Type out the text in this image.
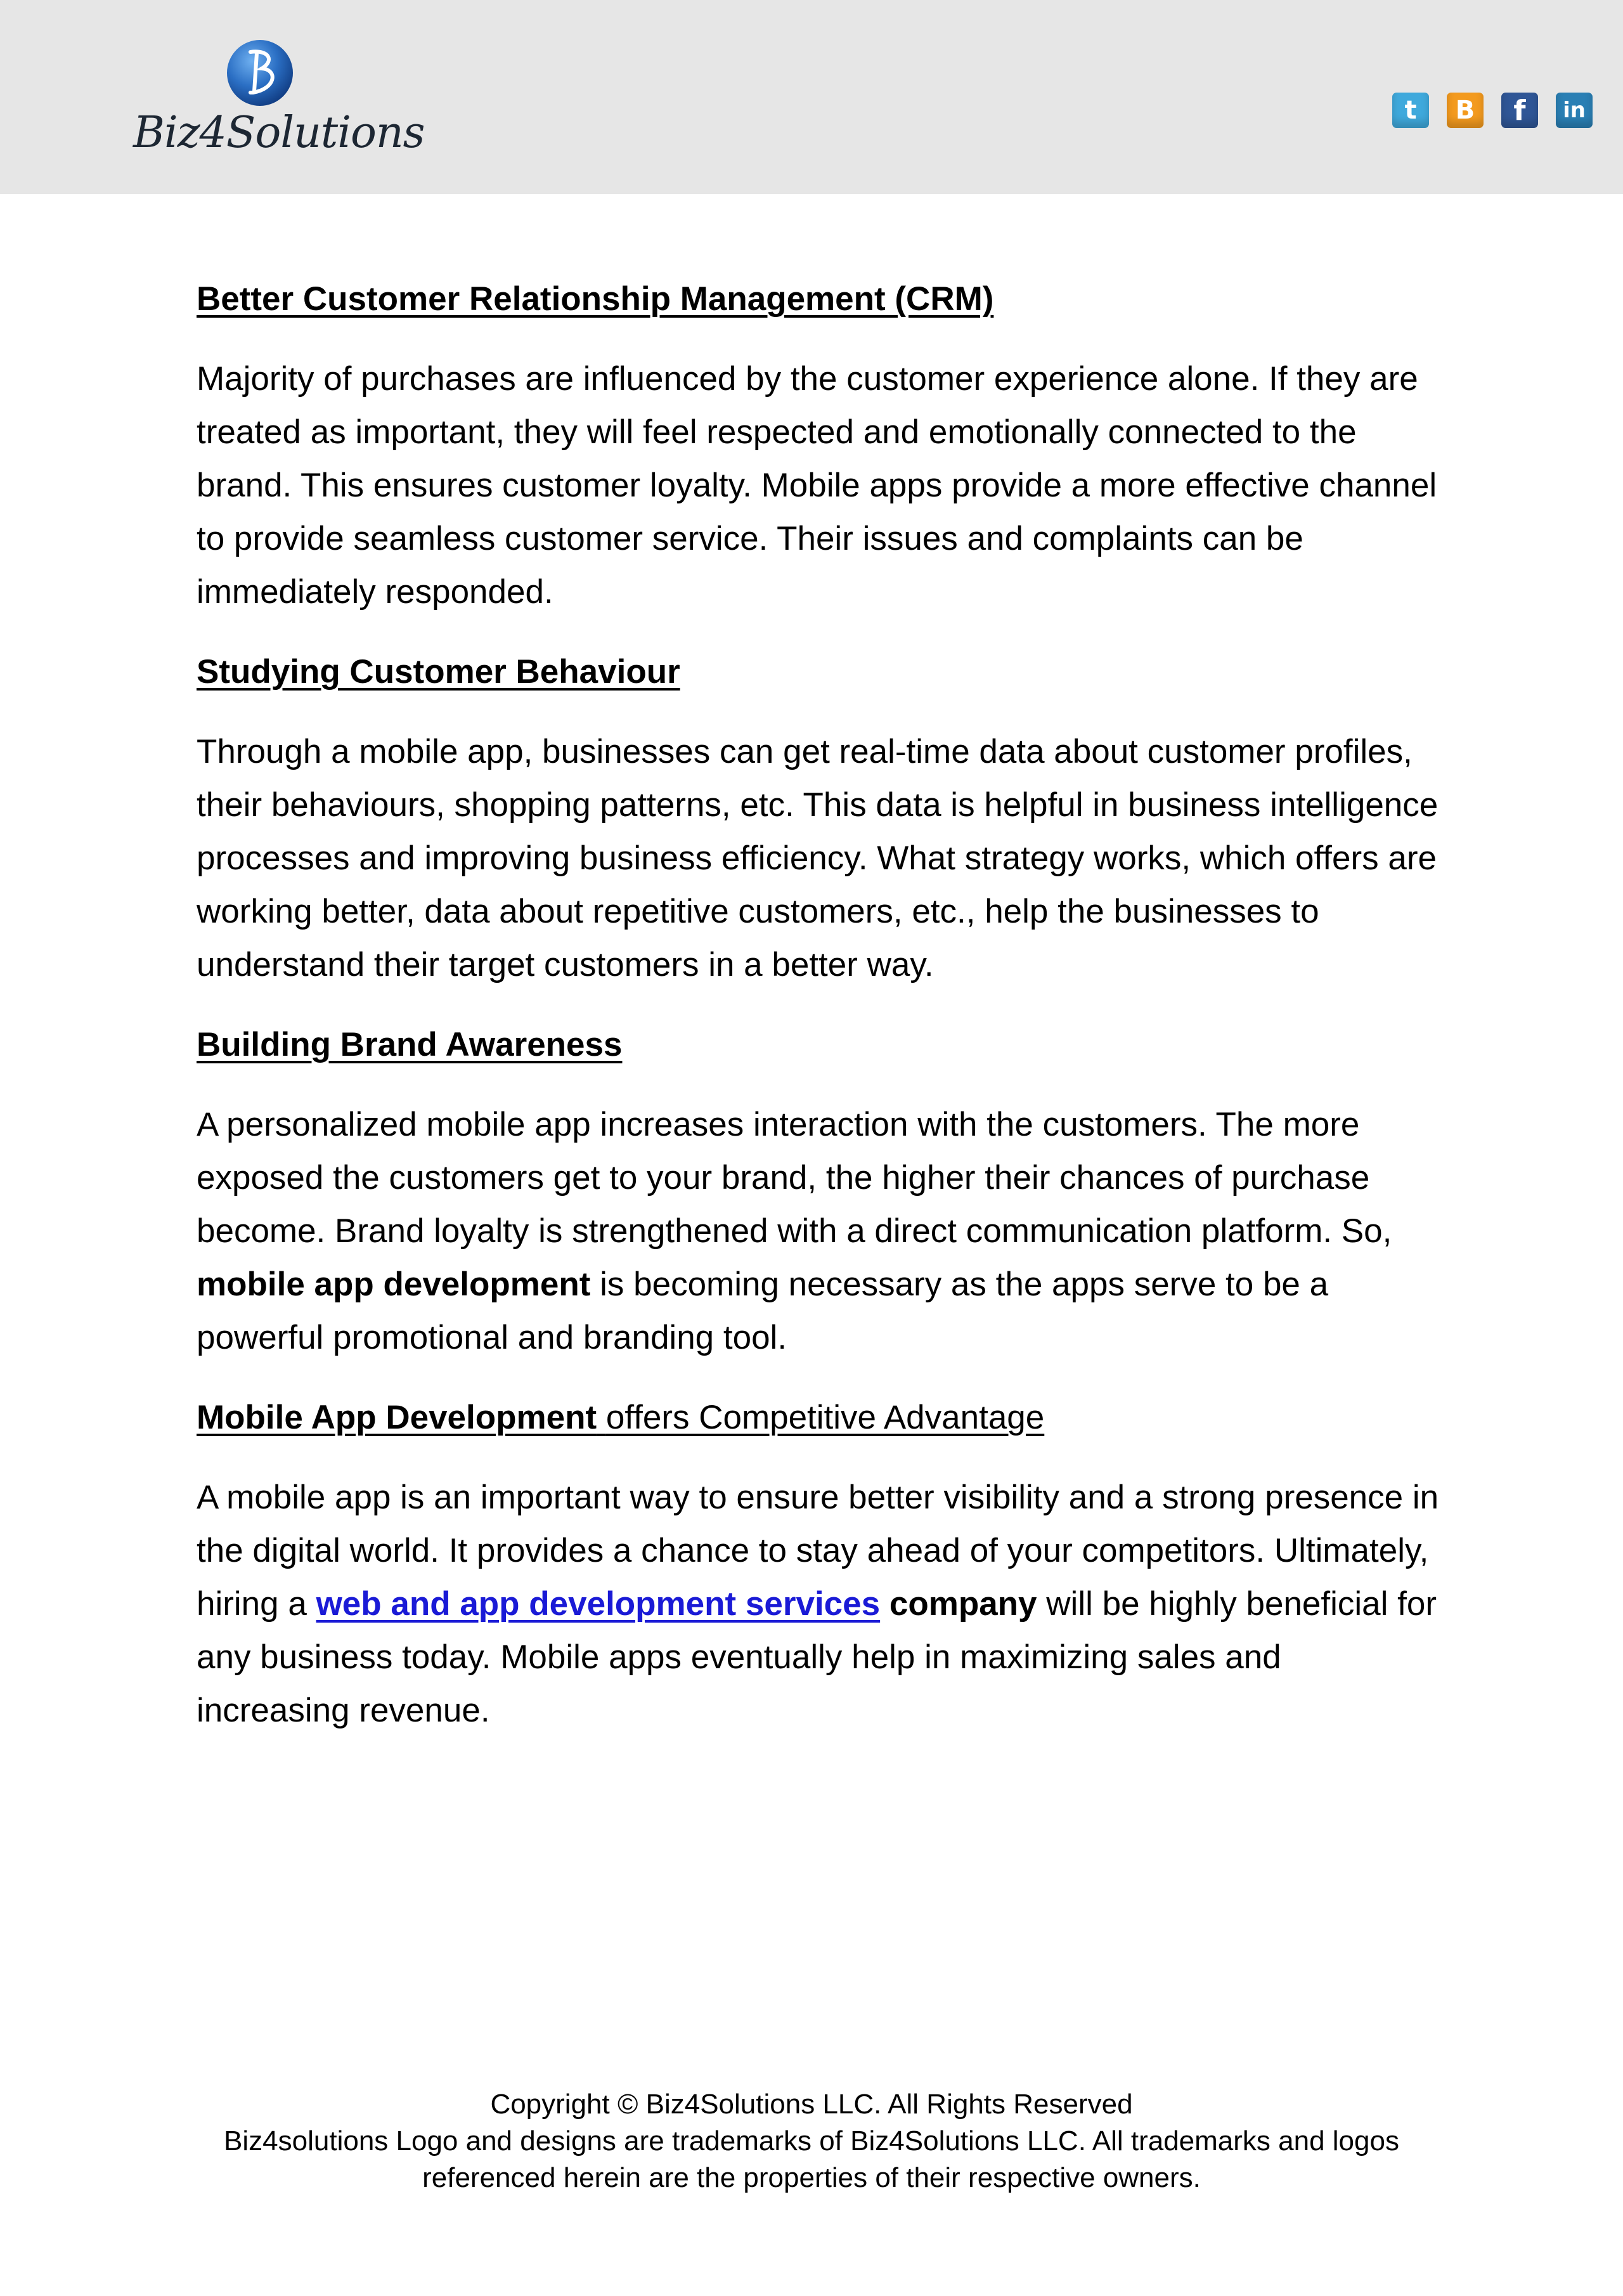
Biz4Solutions	t	B	f	in
Better Customer Relationship Management (CRM)

Majority of purchases are influenced by the customer experience alone. If they are treated as important, they will feel respected and emotionally connected to the brand. This ensures customer loyalty. Mobile apps provide a more effective channel to provide seamless customer service. Their issues and complaints can be immediately responded.

Studying Customer Behaviour

Through a mobile app, businesses can get real-time data about customer profiles, their behaviours, shopping patterns, etc. This data is helpful in business intelligence processes and improving business efficiency. What strategy works, which offers are working better, data about repetitive customers, etc., help the businesses to understand their target customers in a better way.

Building Brand Awareness

A personalized mobile app increases interaction with the customers. The more exposed the customers get to your brand, the higher their chances of purchase become. Brand loyalty is strengthened with a direct communication platform. So, mobile app development is becoming necessary as the apps serve to be a powerful promotional and branding tool.

Mobile App Development offers Competitive Advantage

A mobile app is an important way to ensure better visibility and a strong presence in the digital world. It provides a chance to stay ahead of your competitors. Ultimately, hiring a web and app development services company will be highly beneficial for any business today. Mobile apps eventually help in maximizing sales and increasing revenue.

Copyright © Biz4Solutions LLC. All Rights Reserved
Biz4solutions Logo and designs are trademarks of Biz4Solutions LLC. All trademarks and logos
referenced herein are the properties of their respective owners.
